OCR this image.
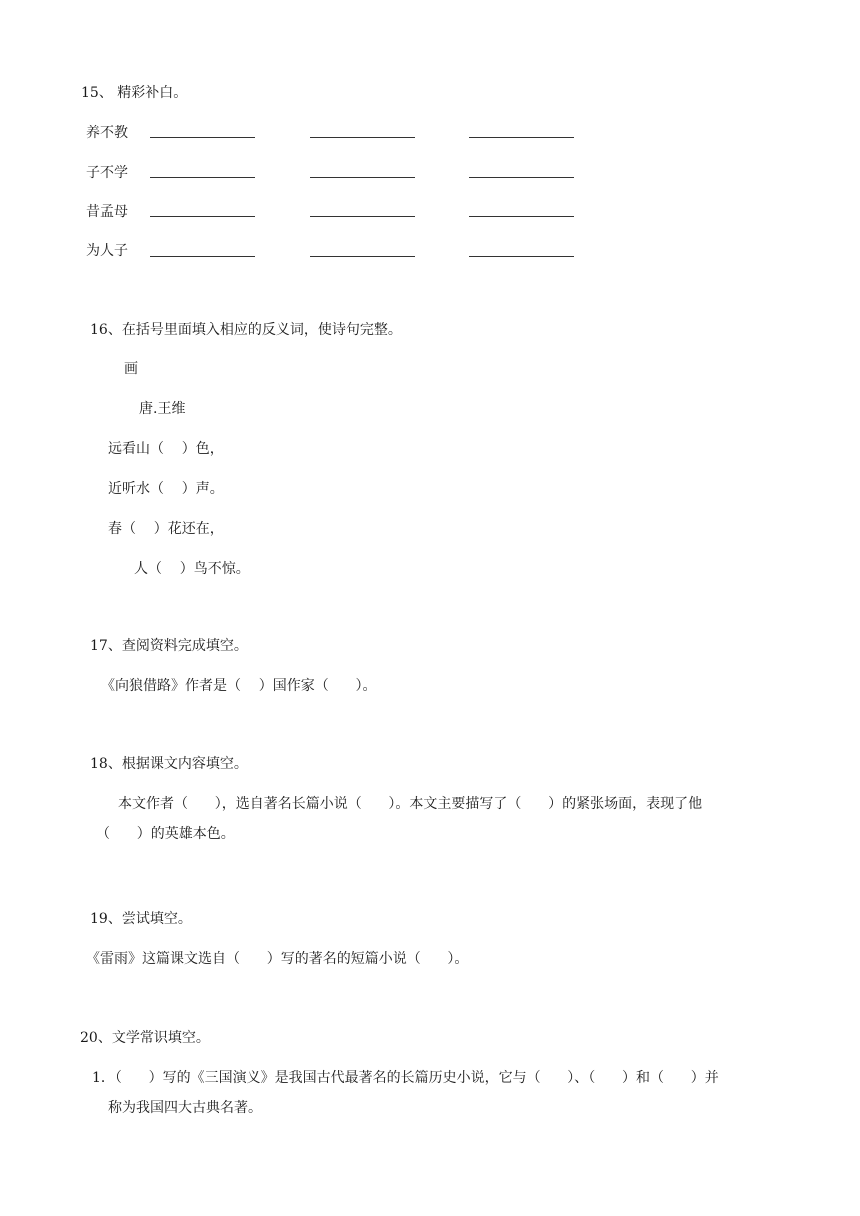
15、 精彩补白。
养不教
子不学
昔孟母
为人子
16、在括号里面填入相应的反义词，使诗句完整。
画
唐.王维
远看山（    ）色，
近听水（    ）声。
春（    ）花还在，
人（    ）鸟不惊。
17、查阅资料完成填空。
《向狼借路》作者是（    ）国作家（      ）。
18、根据课文内容填空。
本文作者（      ），选自著名长篇小说（      ）。本文主要描写了（      ）的紧张场面，表现了他
（      ）的英雄本色。
19、尝试填空。
《雷雨》这篇课文选自（      ）写的著名的短篇小说（      ）。
20、文学常识填空。
1．（      ）写的《三国演义》是我国古代最著名的长篇历史小说，它与（      ）、（      ）和（      ）并
称为我国四大古典名著。
